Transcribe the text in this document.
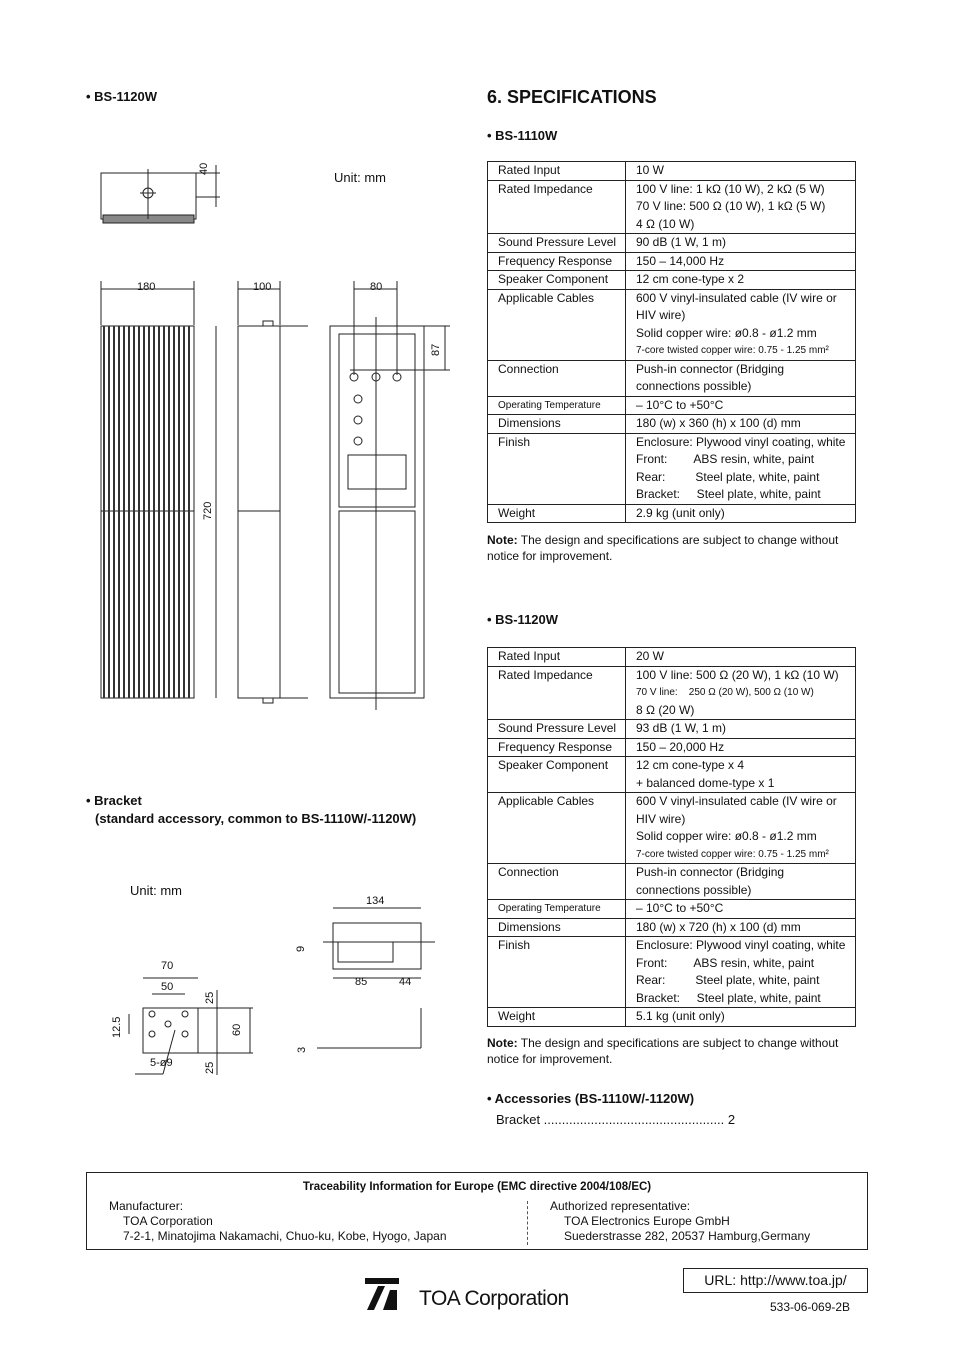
• BS-1120W
Unit: mm
40
180	100	80
87
720
• Bracket
(standard accessory, common to BS-1110W/-1120W)
Unit: mm
70
50
25
12.5	60
25
5-ø9
134
9
85	44
3
6. SPECIFICATIONS
• BS-1110W
Rated Input	10 W
Rated Impedance	100 V line: 1 kΩ (10 W), 2 kΩ (5 W)
70 V line: 500 Ω (10 W), 1 kΩ (5 W)
4 Ω (10 W)

Sound Pressure Level	90 dB (1 W, 1 m)
Frequency Response	150 – 14,000 Hz
Speaker Component	12 cm cone-type x 2
Applicable Cables	600 V vinyl-insulated cable (IV wire or HIV wire)
Solid copper wire: ø0.8 - ø1.2 mm
7-core twisted copper wire: 0.75 - 1.25 mm²

Connection	Push-in connector (Bridging connections possible)
Operating Temperature	– 10°C to +50°C
Dimensions	180 (w) x 360 (h) x 100 (d) mm
Finish	Enclosure: Plywood vinyl coating, white
Front:        ABS resin, white, paint
Rear:         Steel plate, white, paint
Bracket:     Steel plate, white, paint

Weight	2.9 kg (unit only)
Note: The design and specifications are subject to change without notice for improvement.
• BS-1120W
Rated Input	20 W
Rated Impedance	100 V line: 500 Ω (20 W), 1 kΩ (10 W)
70 V line:    250 Ω (20 W), 500 Ω (10 W)
8 Ω (20 W)

Sound Pressure Level	93 dB (1 W, 1 m)
Frequency Response	150 – 20,000 Hz
Speaker Component	12 cm cone-type x 4
+ balanced dome-type x 1

Applicable Cables	600 V vinyl-insulated cable (IV wire or HIV wire)
Solid copper wire: ø0.8 - ø1.2 mm
7-core twisted copper wire: 0.75 - 1.25 mm²

Connection	Push-in connector (Bridging connections possible)
Operating Temperature	– 10°C to +50°C
Dimensions	180 (w) x 720 (h) x 100 (d) mm
Finish	Enclosure: Plywood vinyl coating, white
Front:        ABS resin, white, paint
Rear:         Steel plate, white, paint
Bracket:     Steel plate, white, paint

Weight	5.1 kg (unit only)
Note: The design and specifications are subject to change without notice for improvement.
• Accessories (BS-1110W/-1120W)
Bracket .................................................. 2
Traceability Information for Europe (EMC directive 2004/108/EC)
Manufacturer:
TOA Corporation
7-2-1, Minatojima Nakamachi, Chuo-ku, Kobe, Hyogo, Japan
Authorized representative:
TOA Electronics Europe GmbH
Suederstrasse 282, 20537 Hamburg,Germany
TOA Corporation
URL: http://www.toa.jp/
533-06-069-2B
